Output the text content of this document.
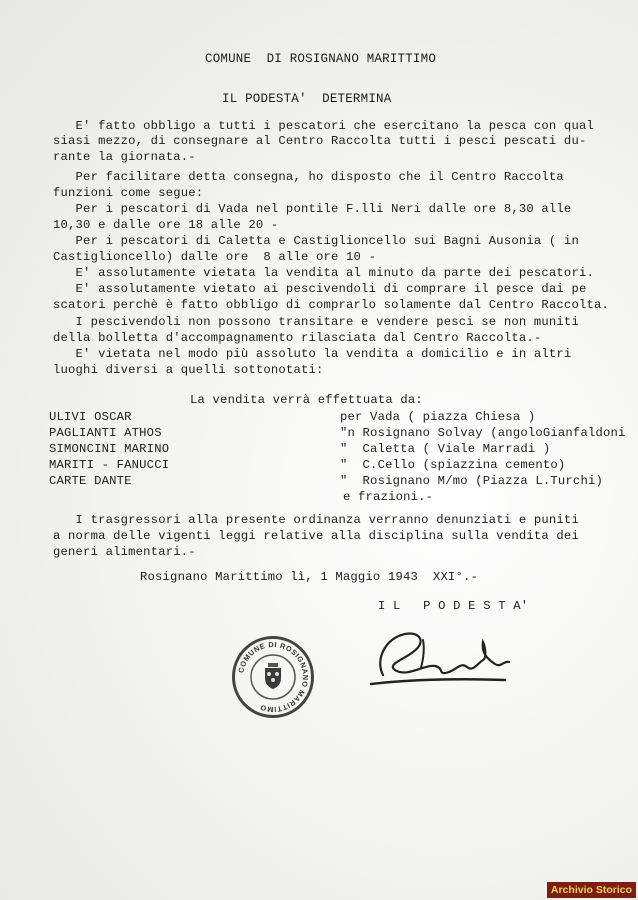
COMUNE  DI ROSIGNANO MARITTIMO
IL PODESTA'  DETERMINA
E' fatto obbligo a tutti i pescatori che esercitano la pesca con qual
siasi mezzo, di consegnare al Centro Raccolta tutti i pesci pescati du-
rante la giornata.-
Per facilitare detta consegna, ho disposto che il Centro Raccolta
funzioni come segue:
Per i pescatori di Vada nel pontile F.lli Neri dalle ore 8,30 alle
10,30 e dalle ore 18 alle 20 -
Per i pescatori di Caletta e Castiglioncello sui Bagni Ausonia ( in
Castiglioncello) dalle ore  8 alle ore 10 -
E' assolutamente vietata la vendita al minuto da parte dei pescatori.
E' assolutamente vietato ai pescivendoli di comprare il pesce dai pe
scatori perchè è fatto obbligo di comprarlo solamente dal Centro Raccolta.
I pescivendoli non possono transitare e vendere pesci se non muniti
della bolletta d'accompagnamento rilasciata dal Centro Raccolta.-
E' vietata nel modo più assoluto la vendita a domicilio e in altri
luoghi diversi a quelli sottonotati:
La vendita verrà effettuata da:
ULIVI OSCAR	per Vada ( piazza Chiesa )
PAGLIANTI ATHOS	"n Rosignano Solvay (angoloGianfaldoni
SIMONCINI MARINO	"  Caletta ( Viale Marradi )
MARITI - FANUCCI	"  C.Cello (spiazzina cemento)
CARTE DANTE	"  Rosignano M/mo (Piazza L.Turchi)
e frazioni.-
I trasgressori alla presente ordinanza verranno denunziati e puniti
a norma delle vigenti leggi relative alla disciplina sulla vendita dei
generi alimentari.-
Rosignano Marittimo lì, 1 Maggio 1943  XXI°.-
I L   P O D E S T A'
COMUNE DI ROSIGNANO MARITTIMO
Archivio Storico
